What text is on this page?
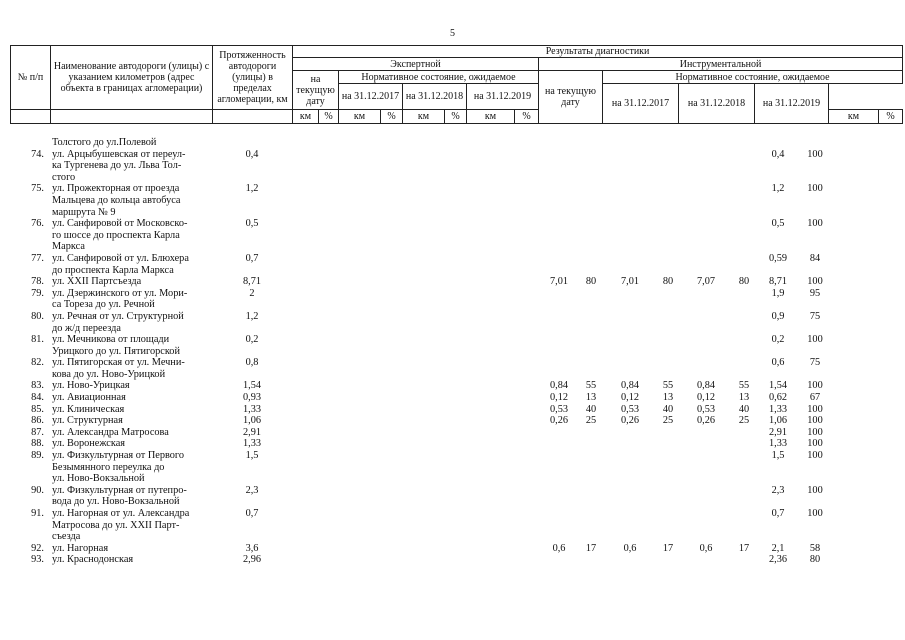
5
№ п/п	Наименование автодороги (улицы) с указанием километров (адрес объекта в границах агломерации)	Протяженность автодороги (улицы) в пределах агломерации, км	Результаты диагностики														
			Экспертной								Инструментальной						
			на текущую дату		Нормативное состояние, ожидаемое						на текущую дату	Нормативное состояние, ожидаемое					
					на 31.12.2017		на 31.12.2018		на 31.12.2019			на 31.12.2017	на 31.12.2018	на 31.12.2019			
			км	%	км	%	км	%	км	%					км	%						

	Толстого до ул.Полевой																	

74.	ул. Арцыбушевская от переул-
ка Тургенева до ул. Льва Тол-
стого	0,4															0,4	100
75.	ул. Прожекторная от проезда
Мальцева до кольца автобуса
маршрута № 9	1,2															1,2	100
76.	ул. Санфировой от Московско-
го шоссе до проспекта Карла
Маркса	0,5															0,5	100
77.	ул. Санфировой от ул. Блюхера
до проспекта Карла Маркса	0,7															0,59	84
78.	ул. XXII Партсъезда	8,71									7,01	80	7,01	80	7,07	80	8,71	100
79.	ул. Дзержинского от ул. Мори-
са Тореза до ул. Речной	2															1,9	95
80.	ул. Речная от ул. Структурной
до ж/д переезда	1,2															0,9	75
81.	ул. Мечникова от площади
Урицкого до ул. Пятигорской	0,2															0,2	100
82.	ул. Пятигорская от ул. Мечни-
кова до ул. Ново-Урицкой	0,8															0,6	75
83.	ул. Ново-Урицкая	1,54									0,84	55	0,84	55	0,84	55	1,54	100
84.	ул. Авиационная	0,93									0,12	13	0,12	13	0,12	13	0,62	67
85.	ул. Клиническая	1,33									0,53	40	0,53	40	0,53	40	1,33	100
86.	ул. Структурная	1,06									0,26	25	0,26	25	0,26	25	1,06	100
87.	ул. Александра Матросова	2,91															2,91	100
88.	ул. Воронежская	1,33															1,33	100
89.	ул. Физкультурная от Первого
Безымянного переулка до
ул. Ново-Вокзальной	1,5															1,5	100
90.	ул. Физкультурная от путепро-
вода до ул. Ново-Вокзальной	2,3															2,3	100
91.	ул. Нагорная от ул. Александра
Матросова до ул. XXII Парт-
съезда	0,7															0,7	100
92.	ул. Нагорная	3,6									0,6	17	0,6	17	0,6	17	2,1	58
93.	ул. Краснодонская	2,96															2,36	80
